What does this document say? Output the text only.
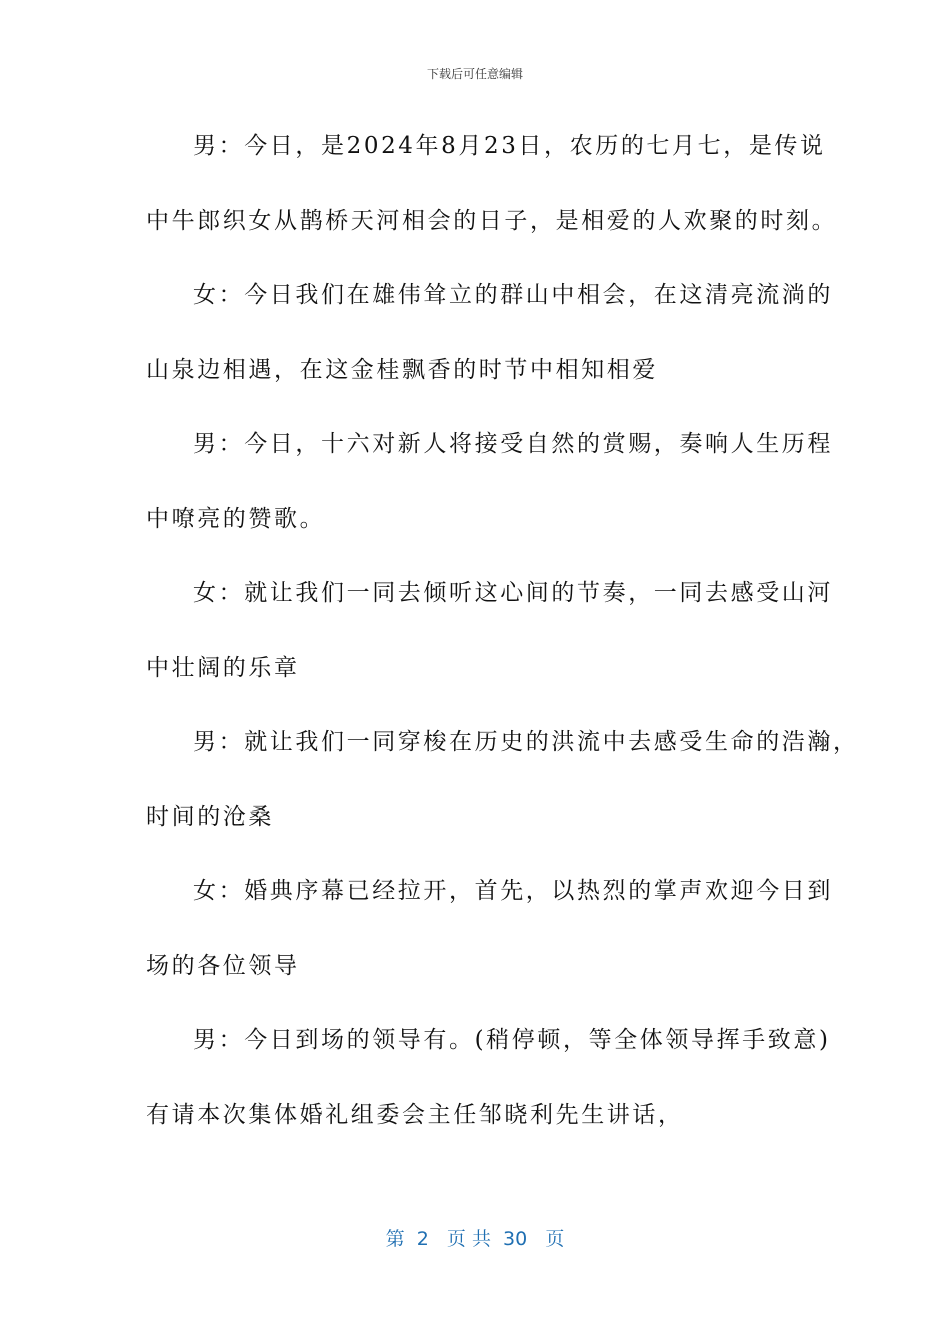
下载后可任意编辑
男：今日，是2024年8月23日，农历的七月七，是传说
中牛郎织女从鹊桥天河相会的日子，是相爱的人欢聚的时刻。
女：今日我们在雄伟耸立的群山中相会，在这清亮流淌的
山泉边相遇，在这金桂飘香的时节中相知相爱
男：今日，十六对新人将接受自然的赏赐，奏响人生历程
中嘹亮的赞歌。
女：就让我们一同去倾听这心间的节奏，一同去感受山河
中壮阔的乐章
男：就让我们一同穿梭在历史的洪流中去感受生命的浩瀚，
时间的沧桑
女：婚典序幕已经拉开，首先，以热烈的掌声欢迎今日到
场的各位领导
男：今日到场的领导有。(稍停顿，等全体领导挥手致意)
有请本次集体婚礼组委会主任邹晓利先生讲话，
第  2   页 共  30   页
